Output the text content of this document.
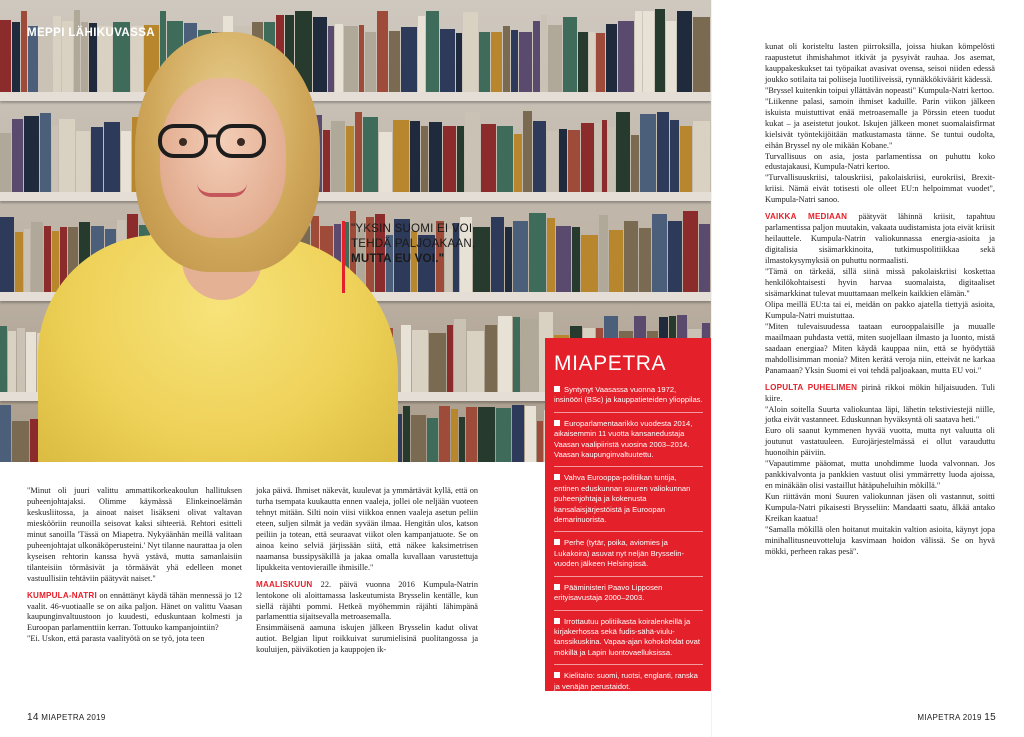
MEPPI LÄHIKUVASSA
"YKSIN SUOMI EI VOI TEHDÄ PALJOAKAAN, MUTTA EU VOI."
MIAPETRA
Syntynyt Vaasassa vuonna 1972, insinööri (BSc) ja kauppatieteiden ylioppilas.
Europarlamentaarikko vuodesta 2014, aikaisemmin 11 vuotta kansanedustaja Vaasan vaalipiiristä vuosina 2003–2014. Vaasan kaupunginvaltuutettu.
Vahva Eurooppa-politiikan tuntija, entinen eduskunnan suuren valiokunnan puheenjohtaja ja kokenusta kansalaisjärjestöistä ja Euroopan demarinuorista.
Perhe (tytär, poika, aviomies ja Lukakoira) asuvat nyt neljän Brysselin-vuoden jälkeen Helsingissä.
Pääministeri Paavo Lipposen erityisavustaja 2000–2003.
Irrottautuu politiikasta koiralenkeillä ja kirjakerhossa sekä fudis-sähä-viulu-tanssikuskina. Vapaa-ajan kohokohdat ovat mökillä ja Lapin luontovaelluksissa.
Kielitaito: suomi, ruotsi, englanti, ranska ja venäjän perustaidot.

"Minut oli juuri valittu ammattikorkeakoulun hallituksen puheenjohtajaksi. Olimme käymässä Elinkeinoelämän keskusliitossa, ja ainoat naiset lisäkseni olivat valtavan mieskööriin reunoilla seisovat kaksi sihteeriä. Rehtori esitteli minut sanoilla 'Tässä on Miapetra. Nykyäänhän meillä valitaan puheenjohtajat ulkonäköperusteini.' Nyt tilanne naurattaa ja olen kyseisen rehtorin kanssa hyvä ystävä, mutta samanlaisiin tilanteisiin törmäsivät ja törmäävät yhä edelleen monet vastuullisiin tehtäviin päätyvät naiset."

KUMPULA-NATRI on ennättänyt käydä tähän mennessä jo 12 vaalit. 46-vuotiaalle se on aika paljon. Hänet on valittu Vaasan kaupunginvaltuustoon jo kuudesti, eduskuntaan kolmesti ja Euroopan parlamenttiin kerran. Tottuuko kampanjointiin?

"Ei. Uskon, että parasta vaalityötä on se työ, jota teen

joka päivä. Ihmiset näkevät, kuulevat ja ymmärtävät kyllä, että on turha tsempata kuukautta ennen vaaleja, jollei ole neljään vuoteen tehnyt mitään. Silti noin viisi viikkoa ennen vaaleja asetun peliin eteen, suljen silmät ja vedän syvään ilmaa. Hengitän ulos, katson peiliin ja totean, että seuraavat viikot olen kampanjatuote. Se on ainoa keino selviä järjissään siitä, että näkee kaksimetrisen naamansa bussipysäkillä ja jakaa omalla kuvallaan varustettuja lipukkeita ventovieraille ihmisille."

MAALISKUUN 22. päivä vuonna 2016 Kumpula-Natrin lentokone oli aloittamassa laskeutumista Brysselin kentälle, kun siellä räjähti pommi. Hetkeä myöhemmin räjähti lähimpänä parlamenttia sijaitsevalla metroasemalla.

Ensimmäisenä aamuna iskujen jälkeen Brysselin kadut olivat autiot. Belgian liput roikkuivat surumielisinä puolitangossa ja kouluijen, päiväkotien ja kauppojen ik-

kunat oli koristeltu lasten piirroksilla, joissa hiukan kömpelösti raapustetut ihmishahmot itkivät ja pysyivät rauhaa. Jos asemat, kauppakeskukset tai työpaikat avasivat ovensa, seisoi niiden edessä joukko sotilaita tai poliiseja luotiliiveissä, rynnäkkökiväärit kädessä.

"Bryssel kuitenkin toipui yllättävän nopeasti" Kumpula-Natri kertoo.

"Liikenne palasi, samoin ihmiset kaduille. Parin viikon jälkeen iskuista muistuttivat enää metroasemalle ja Pörssin eteen tuodut kukat – ja aseistetut joukot. Iskujen jälkeen monet suomalaisfirmat kielsivät työntekijöitään matkustamasta tänne. Se tuntui oudolta, eihän Bryssel ny ole mikään Kobane."

Turvallisuus on asia, josta parlamentissa on puhuttu koko edustajakausi, Kumpula-Natri kertoo.

"Turvallisuuskriisi, talouskriisi, pakolaiskriisi, eurokriisi, Brexit-kriisi. Nämä eivät totisesti ole olleet EU:n helpoimmat vuodet", Kumpula-Natri sanoo.

VAIKKA MEDIAAN päätyvät lähinnä kriisit, tapahtuu parlamentissa paljon muutakin, vakaata uudistamista jota eivät kriisit heilauttele. Kumpula-Natrin valiokunnassa energia-asioita ja digitalisia sisämarkkinoita, tutkimuspolitiikkaa sekä ilmastokysymyksiä on puhuttu normaalisti.

"Tämä on tärkeää, sillä siinä missä pakolaiskriisi koskettaa henkilökohtaisesti hyvin harvaa suomalaista, digitaaliset sisämarkkinat tulevat muuttamaan melkein kaikkien elämän."

Olipa meillä EU:ta tai ei, meidän on pakko ajatella tiettyjä asioita, Kumpula-Natri muistuttaa.

"Miten tulevaisuudessa taataan eurooppalaisille ja muualle maailmaan puhdasta vettä, miten suojellaan ilmasto ja luonto, mistä saadaan energiaa? Miten käydä kauppaa niin, että se hyödyttää mahdollisimman monia? Miten kerätä veroja niin, etteivät ne karkaa Panamaan? Yksin Suomi ei voi tehdä paljoakaan, mutta EU voi."

LOPULTA PUHELIMEN pirinä rikkoi mökin hiljaisuuden. Tuli kiire.

"Aloin soitella Suurta valiokuntaa läpi, lähetin tekstiviestejä niille, jotka eivät vastanneet. Eduskunnan hyväksyntä oli saatava heti."

Euro oli saanut kymmenen hyvää vuotta, mutta nyt valuutta oli joutunut vastatuuleen. Eurojärjestelmässä ei ollut varauduttu huonoihin päiviin.

"Vapautimme pääomat, mutta unohdimme luoda valvonnan. Jos pankkivalvonta ja pankkien vastuut olisi ymmärretty luoda ajoissa, en minäkään olisi vastaillut hätäpuheluihin mökillä."

Kun riittävän moni Suuren valiokunnan jäsen oli vastannut, soitti Kumpula-Natri pikaisesti Brysseliin: Mandaatti saatu, älkää antako Kreikan kaatua!

"Samalla mökillä olen hoitanut muitakin valtion asioita, käynyt jopa minihallitusneuvotteluja kasvimaan hoidon välissä. Se on hyvä mökki, perheen rakas pesä".

14 MIAPETRA 2019	MIAPETRA 2019 15
